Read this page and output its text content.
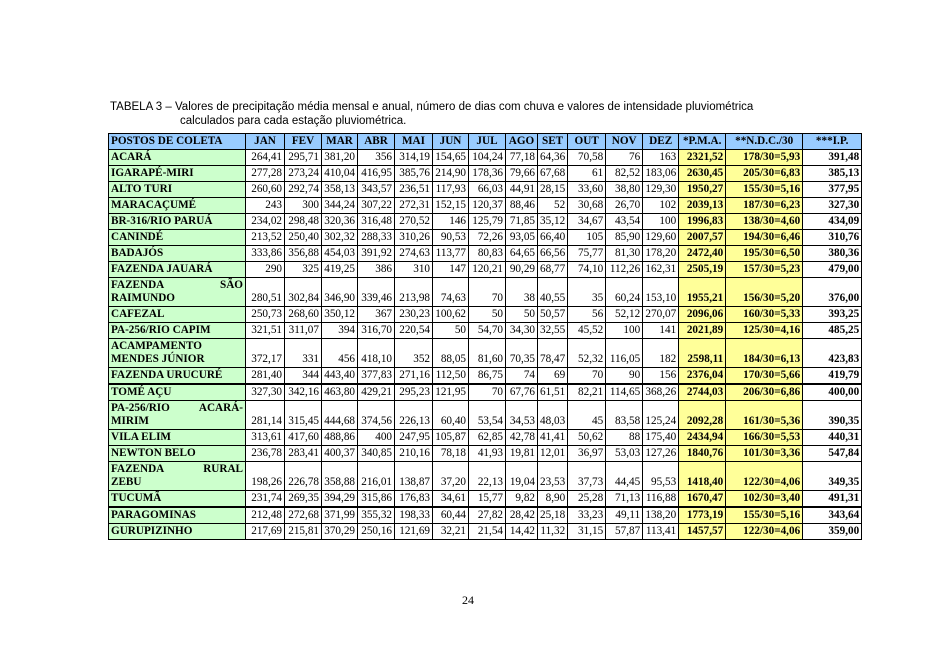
TABELA 3 – Valores de precipitação média mensal e anual, número de dias com chuva e valores de intensidade pluviométrica
calculados para cada estação pluviométrica.
POSTOS DE COLETA	JAN	FEV	MAR	ABR	MAI	JUN	JUL	AGO	SET	OUT	NOV	DEZ	*P.M.A.	**N.D.C./30	***I.P.
ACARÁ	264,41	295,71	381,20	356	314,19	154,65	104,24	77,18	64,36	70,58	76	163	2321,52	178/30=5,93	391,48
IGARAPÉ-MIRI	277,28	273,24	410,04	416,95	385,76	214,90	178,36	79,66	67,68	61	82,52	183,06	2630,45	205/30=6,83	385,13
ALTO TURI	260,60	292,74	358,13	343,57	236,51	117,93	66,03	44,91	28,15	33,60	38,80	129,30	1950,27	155/30=5,16	377,95
MARACAÇUMÉ	243	300	344,24	307,22	272,31	152,15	120,37	88,46	52	30,68	26,70	102	2039,13	187/30=6,23	327,30
BR-316/RIO PARUÁ	234,02	298,48	320,36	316,48	270,52	146	125,79	71,85	35,12	34,67	43,54	100	1996,83	138/30=4,60	434,09
CANINDÉ	213,52	250,40	302,32	288,33	310,26	90,53	72,26	93,05	66,40	105	85,90	129,60	2007,57	194/30=6,46	310,76
BADAJÓS	333,86	356,88	454,03	391,92	274,63	113,77	80,83	64,65	66,56	75,77	81,30	178,20	2472,40	195/30=6,50	380,36
FAZENDA JAUARÁ	290	325	419,25	386	310	147	120,21	90,29	68,77	74,10	112,26	162,31	2505,19	157/30=5,23	479,00

FAZENDA SÃO
RAIMUNDO	280,51	302,84	346,90	339,46	213,98	74,63	70	38	40,55	35	60,24	153,10	1955,21	156/30=5,20	376,00
CAFEZAL	250,73	268,60	350,12	367	230,23	100,62	50	50	50,57	56	52,12	270,07	2096,06	160/30=5,33	393,25
PA-256/RIO CAPIM	321,51	311,07	394	316,70	220,54	50	54,70	34,30	32,55	45,52	100	141	2021,89	125/30=4,16	485,25

ACAMPAMENTO
MENDES JÚNIOR	372,17	331	456	418,10	352	88,05	81,60	70,35	78,47	52,32	116,05	182	2598,11	184/30=6,13	423,83
FAZENDA URUCURÉ	281,40	344	443,40	377,83	271,16	112,50	86,75	74	69	70	90	156	2376,04	170/30=5,66	419,79
TOMÉ AÇU	327,30	342,16	463,80	429,21	295,23	121,95	70	67,76	61,51	82,21	114,65	368,26	2744,03	206/30=6,86	400,00

PA-256/RIO ACARÁ-
MIRIM	281,14	315,45	444,68	374,56	226,13	60,40	53,54	34,53	48,03	45	83,58	125,24	2092,28	161/30=5,36	390,35
VILA ELIM	313,61	417,60	488,86	400	247,95	105,87	62,85	42,78	41,41	50,62	88	175,40	2434,94	166/30=5,53	440,31
NEWTON BELO	236,78	283,41	400,37	340,85	210,16	78,18	41,93	19,81	12,01	36,97	53,03	127,26	1840,76	101/30=3,36	547,84

FAZENDA RURAL
ZEBU	198,26	226,78	358,88	216,01	138,87	37,20	22,13	19,04	23,53	37,73	44,45	95,53	1418,40	122/30=4,06	349,35
TUCUMÃ	231,74	269,35	394,29	315,86	176,83	34,61	15,77	9,82	8,90	25,28	71,13	116,88	1670,47	102/30=3,40	491,31
PARAGOMINAS	212,48	272,68	371,99	355,32	198,33	60,44	27,82	28,42	25,18	33,23	49,11	138,20	1773,19	155/30=5,16	343,64
GURUPIZINHO	217,69	215,81	370,29	250,16	121,69	32,21	21,54	14,42	11,32	31,15	57,87	113,41	1457,57	122/30=4,06	359,00
24
